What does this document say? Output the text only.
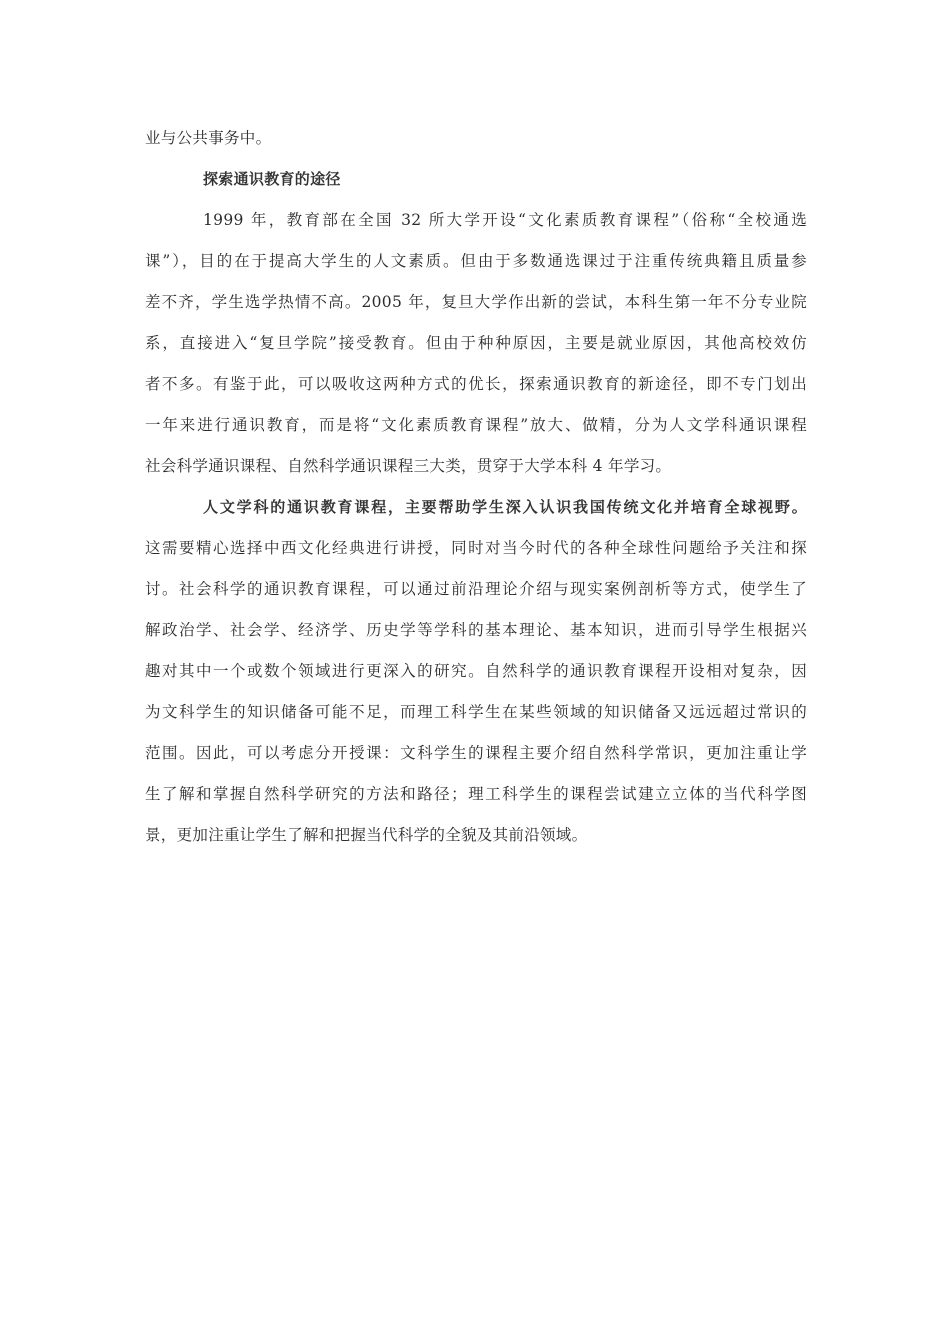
业与公共事务中。
探索通识教育的途径
1999 年，教育部在全国 32 所大学开设“文化素质教育课程”（俗称“全校通选
课”），目的在于提高大学生的人文素质。但由于多数通选课过于注重传统典籍且质量参
差不齐，学生选学热情不高。2005 年，复旦大学作出新的尝试，本科生第一年不分专业院
系，直接进入“复旦学院”接受教育。但由于种种原因，主要是就业原因，其他高校效仿
者不多。有鉴于此，可以吸收这两种方式的优长，探索通识教育的新途径，即不专门划出
一年来进行通识教育，而是将“文化素质教育课程”放大、做精，分为人文学科通识课程
社会科学通识课程、自然科学通识课程三大类，贯穿于大学本科 4 年学习。
人文学科的通识教育课程，主要帮助学生深入认识我国传统文化并培育全球视野。
这需要精心选择中西文化经典进行讲授，同时对当今时代的各种全球性问题给予关注和探
讨。社会科学的通识教育课程，可以通过前沿理论介绍与现实案例剖析等方式，使学生了
解政治学、社会学、经济学、历史学等学科的基本理论、基本知识，进而引导学生根据兴
趣对其中一个或数个领域进行更深入的研究。自然科学的通识教育课程开设相对复杂，因
为文科学生的知识储备可能不足，而理工科学生在某些领域的知识储备又远远超过常识的
范围。因此，可以考虑分开授课：文科学生的课程主要介绍自然科学常识，更加注重让学
生了解和掌握自然科学研究的方法和路径；理工科学生的课程尝试建立立体的当代科学图
景，更加注重让学生了解和把握当代科学的全貌及其前沿领域。
